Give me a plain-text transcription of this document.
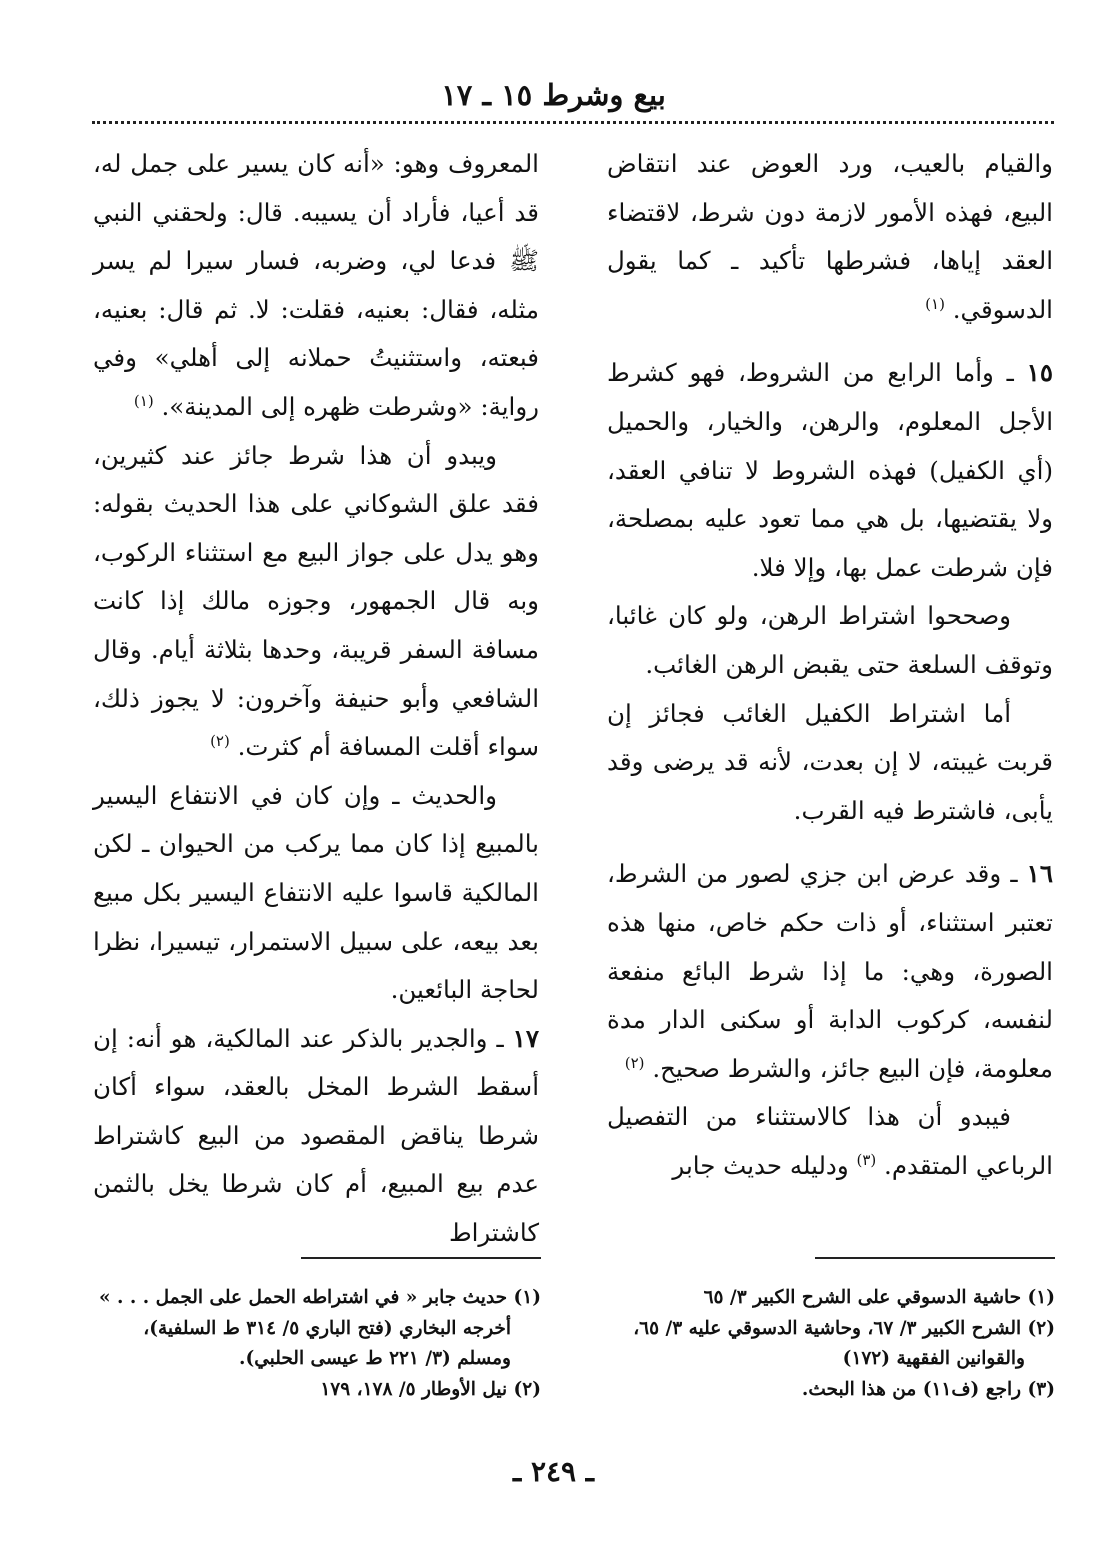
بيع وشرط ١٥ ـ ١٧

والقيام بالعيب، ورد العوض عند انتقاض البيع، فهذه الأمور لازمة دون شرط، لاقتضاء العقد إياها، فشرطها تأكيد ـ كما يقول الدسوقي. $^{(١)}$

١٥ ـ وأما الرابع من الشروط، فهو كشرط الأجل المعلوم، والرهن، والخيار، والحميل (أي الكفيل) فهذه الشروط لا تنافي العقد، ولا يقتضيها، بل هي مما تعود عليه بمصلحة، فإن شرطت عمل بها، وإلا فلا.

وصححوا اشتراط الرهن، ولو كان غائبا، وتوقف السلعة حتى يقبض الرهن الغائب.

أما اشتراط الكفيل الغائب فجائز إن قربت غيبته، لا إن بعدت، لأنه قد يرضى وقد يأبى، فاشترط فيه القرب.

١٦ ـ وقد عرض ابن جزي لصور من الشرط، تعتبر استثناء، أو ذات حكم خاص، منها هذه الصورة، وهي: ما إذا شرط البائع منفعة لنفسه، كركوب الدابة أو سكنى الدار مدة معلومة، فإن البيع جائز، والشرط صحيح. $^{(٢)}$

فيبدو أن هذا كالاستثناء من التفصيل الرباعي المتقدم. $^{(٣)}$ ودليله حديث جابر

المعروف وهو: «أنه كان يسير على جمل له، قد أعيا، فأراد أن يسيبه. قال: ولحقني النبي ﷺ فدعا لي، وضربه، فسار سيرا لم يسر مثله، فقال: بعنيه، فقلت: لا. ثم قال: بعنيه، فبعته، واستثنيتُ حملانه إلى أهلي» وفي رواية: «وشرطت ظهره إلى المدينة». $^{(١)}$

ويبدو أن هذا شرط جائز عند كثيرين، فقد علق الشوكاني على هذا الحديث بقوله: وهو يدل على جواز البيع مع استثناء الركوب، وبه قال الجمهور، وجوزه مالك إذا كانت مسافة السفر قريبة، وحدها بثلاثة أيام. وقال الشافعي وأبو حنيفة وآخرون: لا يجوز ذلك، سواء أقلت المسافة أم كثرت. $^{(٢)}$

والحديث ـ وإن كان في الانتفاع اليسير بالمبيع إذا كان مما يركب من الحيوان ـ لكن المالكية قاسوا عليه الانتفاع اليسير بكل مبيع بعد بيعه، على سبيل الاستمرار، تيسيرا، نظرا لحاجة البائعين.

١٧ ـ والجدير بالذكر عند المالكية، هو أنه: إن أسقط الشرط المخل بالعقد، سواء أكان شرطا يناقض المقصود من البيع كاشتراط عدم بيع المبيع، أم كان شرطا يخل بالثمن كاشتراط

(١) حاشية الدسوقي على الشرح الكبير ٣/ ٦٥

(٢) الشرح الكبير ٣/ ٦٧، وحاشية الدسوقي عليه ٣/ ٦٥،

والقوانين الفقهية (١٧٢)

(٣) راجع (ف١١) من هذا البحث.

(١) حديث جابر « في اشتراطه الحمل على الجمل . . . »

أخرجه البخاري (فتح الباري ٥/ ٣١٤ ط السلفية)،

ومسلم (٣/ ٢٢١ ط عيسى الحلبي).

(٢) نيل الأوطار ٥/ ١٧٨، ١٧٩

ـ ٢٤٩ ـ
